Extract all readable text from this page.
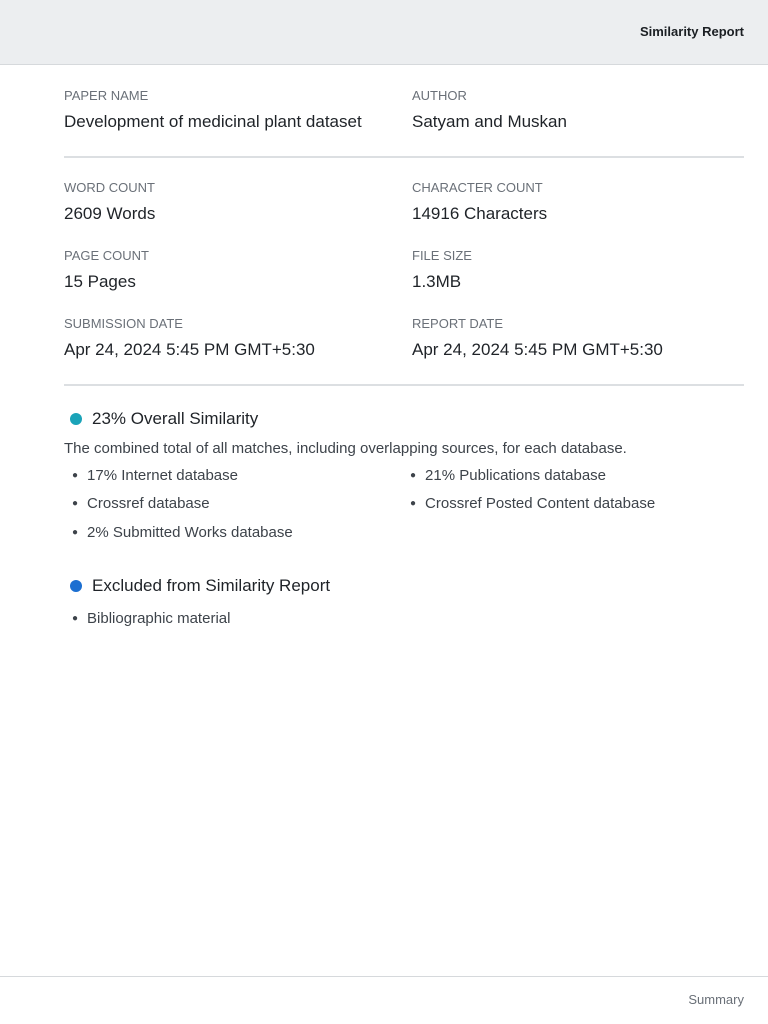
Similarity Report
PAPER NAME
Development of medicinal plant dataset
AUTHOR
Satyam and Muskan
WORD COUNT
2609 Words
CHARACTER COUNT
14916 Characters
PAGE COUNT
15 Pages
FILE SIZE
1.3MB
SUBMISSION DATE
Apr 24, 2024 5:45 PM GMT+5:30
REPORT DATE
Apr 24, 2024 5:45 PM GMT+5:30
23% Overall Similarity
The combined total of all matches, including overlapping sources, for each database.
● 17% Internet database
● Crossref database
● 2% Submitted Works database
● 21% Publications database
● Crossref Posted Content database
Excluded from Similarity Report
● Bibliographic material
Summary
